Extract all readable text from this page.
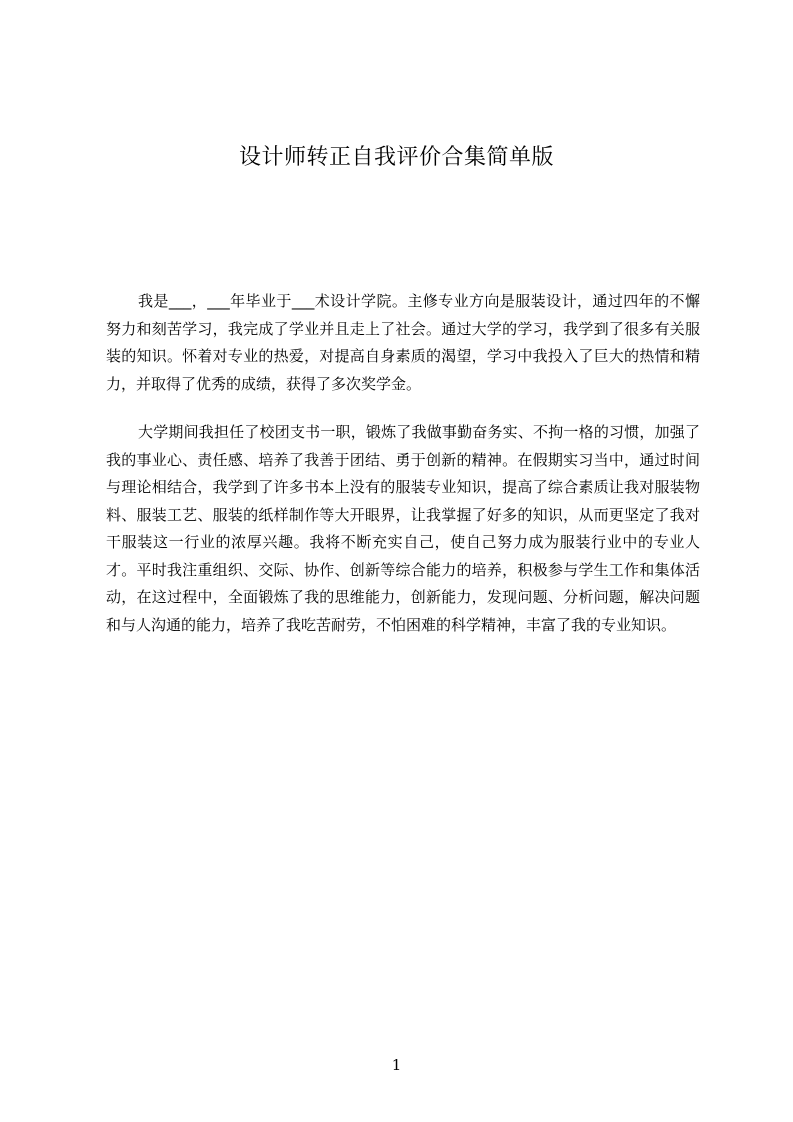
设计师转正自我评价合集简单版

我是___，___年毕业于___术设计学院。主修专业方向是服装设计，通过四年的不懈努力和刻苦学习，我完成了学业并且走上了社会。通过大学的学习，我学到了很多有关服装的知识。怀着对专业的热爱，对提高自身素质的渴望，学习中我投入了巨大的热情和精力，并取得了优秀的成绩，获得了多次奖学金。

大学期间我担任了校团支书一职，锻炼了我做事勤奋务实、不拘一格的习惯，加强了我的事业心、责任感、培养了我善于团结、勇于创新的精神。在假期实习当中，通过时间与理论相结合，我学到了许多书本上没有的服装专业知识，提高了综合素质让我对服装物料、服装工艺、服装的纸样制作等大开眼界，让我掌握了好多的知识，从而更坚定了我对干服装这一行业的浓厚兴趣。我将不断充实自己，使自己努力成为服装行业中的专业人才。平时我注重组织、交际、协作、创新等综合能力的培养，积极参与学生工作和集体活动，在这过程中，全面锻炼了我的思维能力，创新能力，发现问题、分析问题，解决问题和与人沟通的能力，培养了我吃苦耐劳，不怕困难的科学精神，丰富了我的专业知识。

1
